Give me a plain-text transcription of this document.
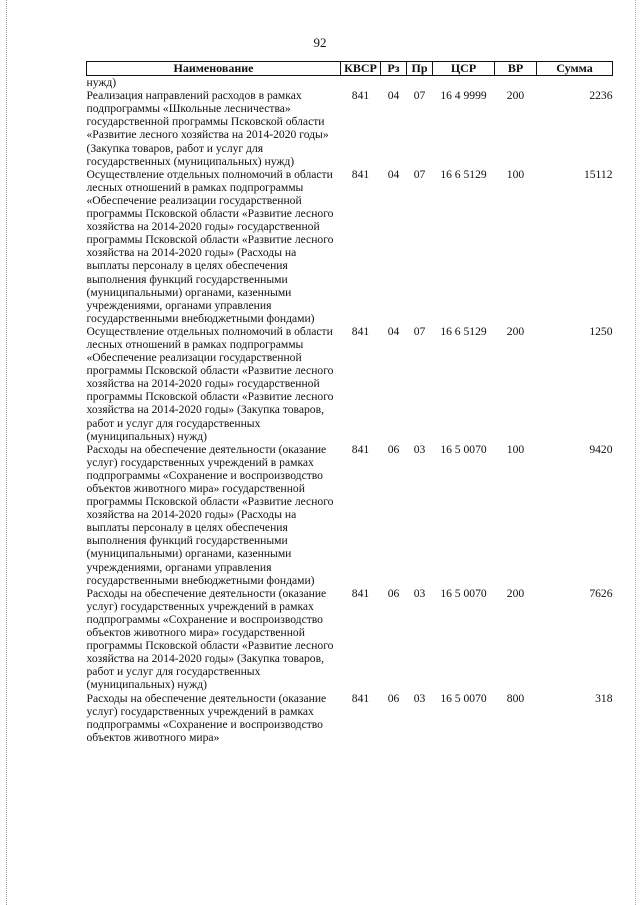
92
Наименование	КВСР	Рз	Пр	ЦСР	ВР	Сумма
нужд)						
Реализация направлений расходов в рамках подпрограммы «Школьные лесничества» государственной программы Псковской области «Развитие лесного хозяйства на 2014-2020 годы» (Закупка товаров, работ и услуг для государственных (муниципальных) нужд)	841	04	07	16 4 9999	200	2236
Осуществление отдельных полномочий в области лесных отношений в рамках подпрограммы «Обеспечение реализации государственной программы Псковской области «Развитие лесного хозяйства на 2014-2020 годы» государственной программы Псковской области «Развитие лесного хозяйства на 2014-2020 годы» (Расходы на выплаты персоналу в целях обеспечения выполнения функций государственными (муниципальными) органами, казенными учреждениями, органами управления государственными внебюджетными фондами)	841	04	07	16 6 5129	100	15112
Осуществление отдельных полномочий в области лесных отношений в рамках подпрограммы «Обеспечение реализации государственной программы Псковской области «Развитие лесного хозяйства на 2014-2020 годы» государственной программы Псковской области «Развитие лесного хозяйства на 2014-2020 годы» (Закупка товаров, работ и услуг для государственных (муниципальных) нужд)	841	04	07	16 6 5129	200	1250
Расходы на обеспечение деятельности (оказание услуг) государственных учреждений в рамках подпрограммы «Сохранение и воспроизводство объектов животного мира» государственной программы Псковской области «Развитие лесного хозяйства на 2014-2020 годы» (Расходы на выплаты персоналу в целях обеспечения выполнения функций государственными (муниципальными) органами, казенными учреждениями, органами управления государственными внебюджетными фондами)	841	06	03	16 5 0070	100	9420
Расходы на обеспечение деятельности (оказание услуг) государственных учреждений в рамках подпрограммы «Сохранение и воспроизводство объектов животного мира» государственной программы Псковской области «Развитие лесного хозяйства на 2014-2020 годы» (Закупка товаров, работ и услуг для государственных (муниципальных) нужд)	841	06	03	16 5 0070	200	7626
Расходы на обеспечение деятельности (оказание услуг) государственных учреждений в рамках подпрограммы «Сохранение и воспроизводство объектов животного мира»	841	06	03	16 5 0070	800	318
